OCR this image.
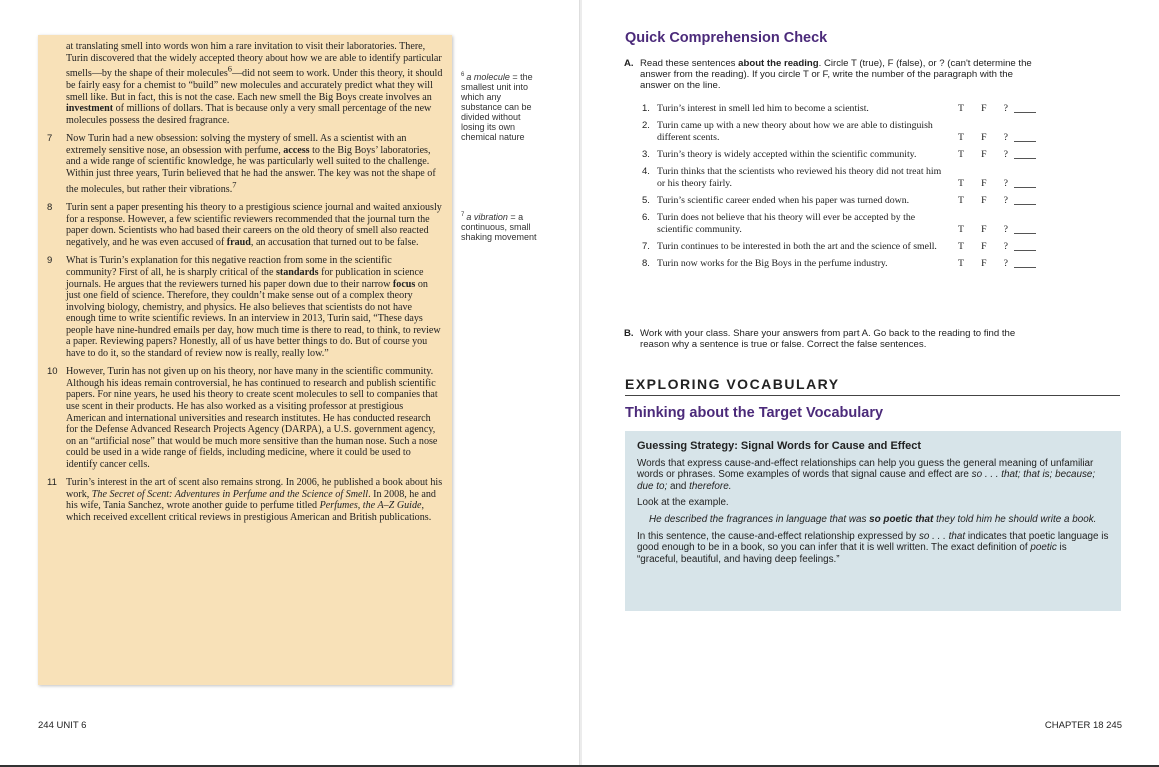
at translating smell into words won him a rare invitation to visit their laboratories. There, Turin discovered that the widely accepted theory about how we are able to identify particular smells—by the shape of their molecules$^6$—did not seem to work. Under this theory, it should be fairly easy for a chemist to “build” new molecules and accurately predict what they will smell like. But in fact, this is not the case. Each new smell the Big Boys create involves an investment of millions of dollars. That is because only a very small percentage of the new molecules possess the desired fragrance.

7 Now Turin had a new obsession: solving the mystery of smell. As a scientist with an extremely sensitive nose, an obsession with perfume, access to the Big Boys’ laboratories, and a wide range of scientific knowledge, he was particularly well suited to the challenge. Within just three years, Turin believed that he had the answer. The key was not the shape of the molecules, but rather their vibrations.$^7$

8 Turin sent a paper presenting his theory to a prestigious science journal and waited anxiously for a response. However, a few scientific reviewers recommended that the journal turn the paper down. Scientists who had based their careers on the old theory of smell also reacted negatively, and he was even accused of fraud, an accusation that turned out to be false.

9 What is Turin’s explanation for this negative reaction from some in the scientific community? First of all, he is sharply critical of the standards for publication in science journals. He argues that the reviewers turned his paper down due to their narrow focus on just one field of science. Therefore, they couldn’t make sense out of a complex theory involving biology, chemistry, and physics. He also believes that scientists do not have enough time to write scientific reviews. In an interview in 2013, Turin said, “These days people have nine-hundred emails per day, how much time is there to read, to think, to review a paper. Reviewing papers? Honestly, all of us have better things to do. But of course you have to do it, so the standard of review now is really, really low.”

10 However, Turin has not given up on his theory, nor have many in the scientific community. Although his ideas remain controversial, he has continued to research and publish scientific papers. For nine years, he used his theory to create scent molecules to sell to companies that use scent in their products. He has also worked as a visiting professor at prestigious American and international universities and research institutes. He has conducted research for the Defense Advanced Research Projects Agency (DARPA), a U.S. government agency, on an “artificial nose” that would be much more sensitive than the human nose. Such a nose could be used in a wide range of fields, including medicine, where it could be used to identify cancer cells.

11 Turin’s interest in the art of scent also remains strong. In 2006, he published a book about his work, The Secret of Scent: Adventures in Perfume and the Science of Smell. In 2008, he and his wife, Tania Sanchez, wrote another guide to perfume titled Perfumes, the A–Z Guide, which received excellent critical reviews in prestigious American and British publications.

$^6$ a molecule = the smallest unit into which any substance can be divided without losing its own chemical nature
$^7$ a vibration = a continuous, small shaking movement
244 UNIT 6
Quick Comprehension Check
A. Read these sentences about the reading. Circle T (true), F (false), or ? (can't determine the answer from the reading). If you circle T or F, write the number of the paragraph with the answer on the line.
1. Turin’s interest in smell led him to become a scientist.	T F ?
2. Turin came up with a new theory about how we are able to distinguish different scents.	T F ?
3. Turin’s theory is widely accepted within the scientific community.	T F ?
4. Turin thinks that the scientists who reviewed his theory did not treat him or his theory fairly.	T F ?
5. Turin’s scientific career ended when his paper was turned down.	T F ?
6. Turin does not believe that his theory will ever be accepted by the scientific community.	T F ?
7. Turin continues to be interested in both the art and the science of smell.	T F ?
8. Turin now works for the Big Boys in the perfume industry.	T F ?
B. Work with your class. Share your answers from part A. Go back to the reading to find the reason why a sentence is true or false. Correct the false sentences.
EXPLORING VOCABULARY
Thinking about the Target Vocabulary
Guessing Strategy: Signal Words for Cause and Effect

Words that express cause-and-effect relationships can help you guess the general meaning of unfamiliar words or phrases. Some examples of words that signal cause and effect are so . . . that; that is; because; due to; and therefore.

Look at the example.

He described the fragrances in language that was so poetic that they told him he should write a book.

In this sentence, the cause-and-effect relationship expressed by so . . . that indicates that poetic language is good enough to be in a book, so you can infer that it is well written. The exact definition of poetic is “graceful, beautiful, and having deep feelings.”

CHAPTER 18 245
